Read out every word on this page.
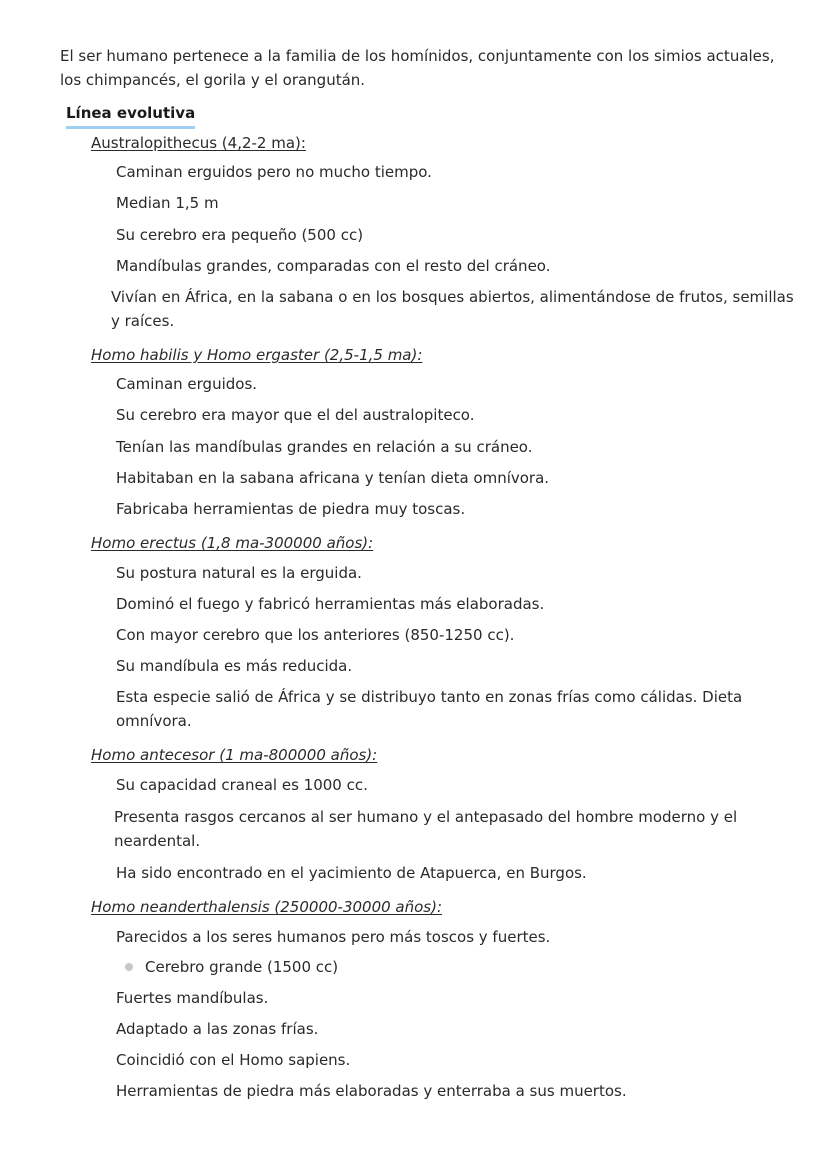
El ser humano pertenece a la familia de los homínidos, conjuntamente con los simios actuales, los chimpancés, el gorila y el orangután.

Línea evolutiva

Australopithecus (4,2-2 ma):

Caminan erguidos pero no mucho tiempo.

Median 1,5 m

Su cerebro era pequeño (500 cc)

Mandíbulas grandes, comparadas con el resto del cráneo.

Vivían en África, en la sabana o en los bosques abiertos, alimentándose de frutos, semillas y raíces.

Homo habilis y Homo ergaster (2,5-1,5 ma):

Caminan erguidos.

Su cerebro era mayor que el del australopiteco.

Tenían las mandíbulas grandes en relación a su cráneo.

Habitaban en la sabana africana y tenían dieta omnívora.

Fabricaba herramientas de piedra muy toscas.

Homo erectus (1,8 ma-300000 años):

Su postura natural es la erguida.

Dominó el fuego y fabricó herramientas más elaboradas.

Con mayor cerebro que los anteriores (850-1250 cc).

Su mandíbula es más reducida.

Esta especie salió de África y se distribuyo tanto en zonas frías como cálidas. Dieta omnívora.

Homo antecesor (1 ma-800000 años):

Su capacidad craneal es 1000 cc.

Presenta rasgos cercanos al ser humano y el antepasado del hombre moderno y el neardental.

Ha sido encontrado en el yacimiento de Atapuerca, en Burgos.

Homo neanderthalensis (250000-30000 años):

Parecidos a los seres humanos pero más toscos y fuertes.

Cerebro grande (1500 cc)

Fuertes mandíbulas.

Adaptado a las zonas frías.

Coincidió con el Homo sapiens.

Herramientas de piedra más elaboradas y enterraba a sus muertos.
